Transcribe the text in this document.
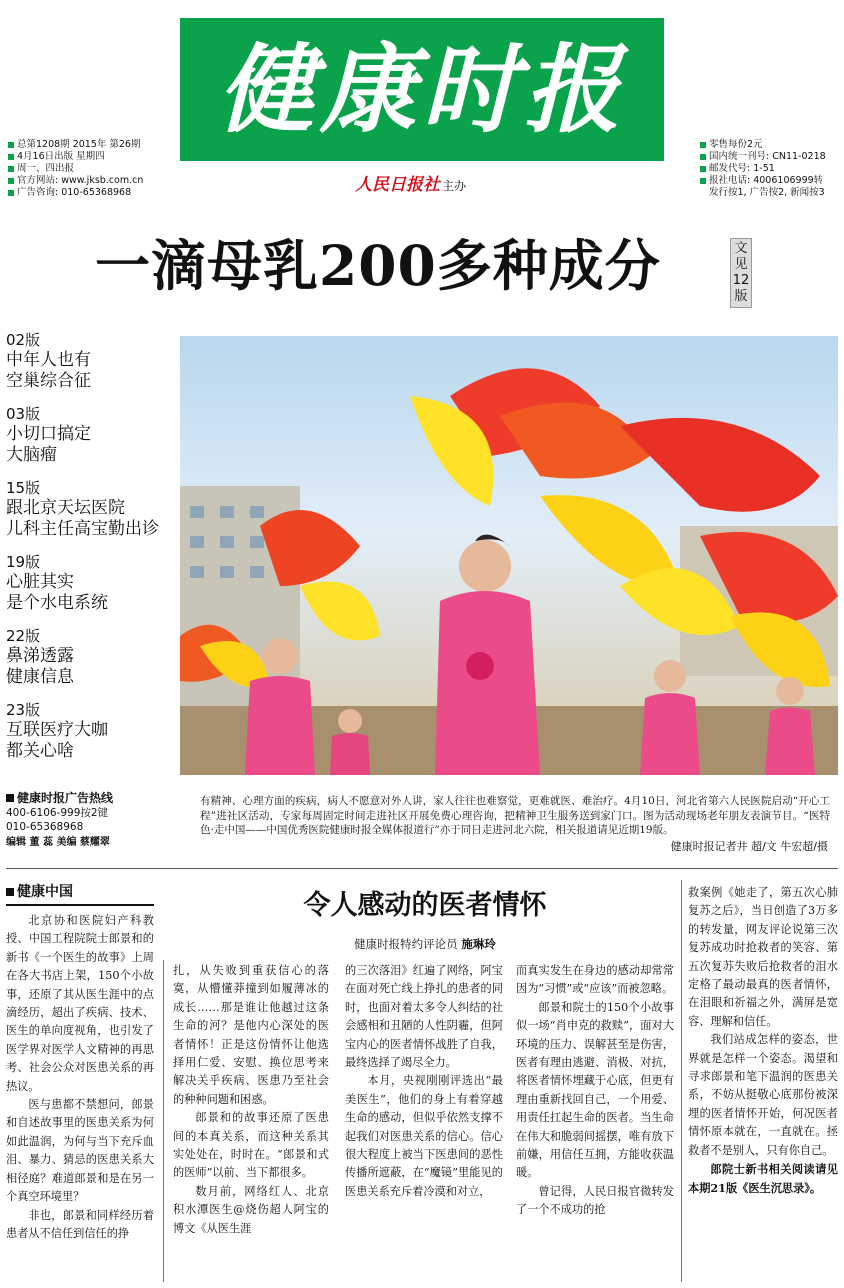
健康时报
总第1208期 2015年 第26期
4月16日出版 星期四
周一、四出报
官方网站: www.jksb.com.cn
广告咨询: 010-65368968
零售每份2元
国内统一刊号: CN11-0218
邮发代号: 1-51
报社电话: 4006106999转
发行按1, 广告按2, 新闻按3
人民日报社 主办
一滴母乳200多种成分	文见12版
02版
中年人也有
空巢综合征
03版
小切口搞定
大脑瘤
15版
跟北京天坛医院
儿科主任高宝勤出诊
19版
心脏其实
是个水电系统
22版
鼻涕透露
健康信息
23版
互联医疗大咖
都关心啥
健康时报广告热线
400-6106-999按2键
010-65368968
编辑 董 蕊 美编 蔡耀翠
有精神、心理方面的疾病，病人不愿意对外人讲，家人往往也难察觉，更难就医、难治疗。4月10日，河北省第六人民医院启动“开心工程”进社区活动，专家每周固定时间走进社区开展免费心理咨询，把精神卫生服务送到家门口。图为活动现场老年朋友表演节目。“医特色·走中国——中国优秀医院健康时报全媒体报道行”亦于同日走进河北六院，相关报道请见近期19版。
健康时报记者井 超/文 牛宏超/摄
健康中国	令人感动的医者情怀
健康时报特约评论员 施琳玲

北京协和医院妇产科教授、中国工程院院士郎景和的新书《一个医生的故事》上周在各大书店上架，150个小故事，还原了其从医生涯中的点滴经历，超出了疾病、技术、医生的单向度视角，也引发了医学界对医学人文精神的再思考、社会公众对医患关系的再热议。

医与患都不禁想问，郎景和自述故事里的医患关系为何如此温润，为何与当下充斥血泪、暴力、猜忌的医患关系大相径庭？难道郎景和是在另一个真空环境里？

非也，郎景和同样经历着患者从不信任到信任的挣

扎，从失败到重获信心的落寞，从懵懂莽撞到如履薄冰的成长……那是谁让他越过这条生命的河？是他内心深处的医者情怀！正是这份情怀让他选择用仁爱、安慰、换位思考来解决关乎疾病、医患乃至社会的种种问题和困惑。

郎景和的故事还原了医患间的本真关系，而这种关系其实处处在，时时在。“郎景和式的医师”以前、当下都很多。

数月前，网络红人、北京积水潭医生@烧伤超人阿宝的博文《从医生涯

的三次落泪》红遍了网络，阿宝在面对死亡线上挣扎的患者的同时，也面对着太多令人纠结的社会感相和丑陋的人性阴霾，但阿宝内心的医者情怀战胜了自我，最终选择了竭尽全力。

本月，央视刚刚评选出“最美医生”，他们的身上有着穿越生命的感动，但似乎依然支撑不起我们对医患关系的信心。信心很大程度上被当下医患间的恶性传播所遮蔽，在“魔镜”里能见的医患关系充斥着冷漠和对立，

而真实发生在身边的感动却常常因为“习惯”或“应该”而被忽略。

郎景和院士的150个小故事似一场“肖申克的救赎”，面对大环境的压力、误解甚至是伤害，医者有理由逃避、消极、对抗，将医者情怀埋藏于心底，但更有理由重新找回自己，一个用爱、用责任扛起生命的医者。当生命在伟大和脆弱间摇摆，唯有放下前嫌，用信任互拥，方能收获温暖。

曾记得，人民日报官微转发了一个不成功的抢

救案例《她走了，第五次心肺复苏之后》，当日创造了3万多的转发量，网友评论说第三次复苏成功时抢救者的笑容、第五次复苏失败后抢救者的泪水定格了最动最真的医者情怀，在泪眼和祈福之外，满屏是宽容、理解和信任。

我们站成怎样的姿态，世界就是怎样一个姿态。渴望和寻求郎景和笔下温润的医患关系，不妨从挺敬心底那份被深埋的医者情怀开始，何况医者情怀原本就在，一直就在。拯救者不是别人，只有你自己。

郎院士新书相关阅读请见本期21版《医生沉思录》。
